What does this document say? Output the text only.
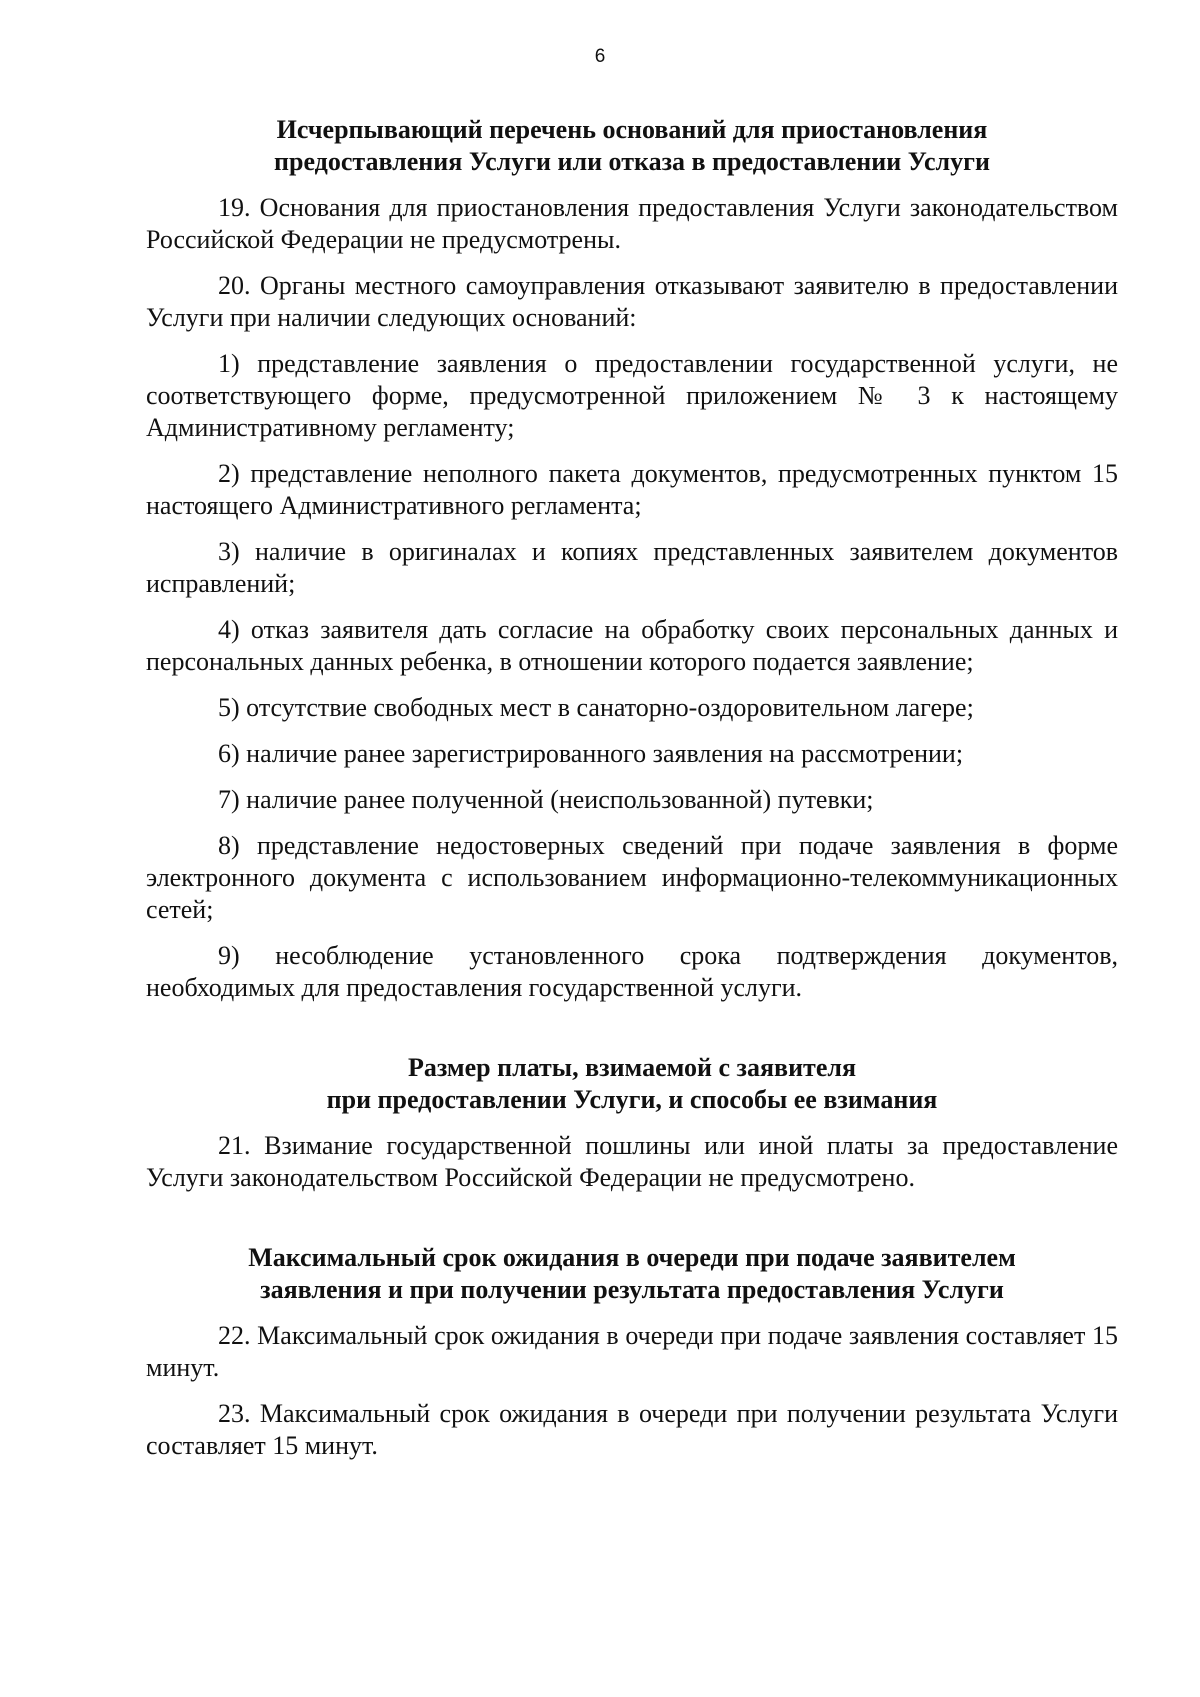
6
Исчерпывающий перечень оснований для приостановления
предоставления Услуги или отказа в предоставлении Услуги

19. Основания для приостановления предоставления Услуги законодательством Российской Федерации не предусмотрены.

20. Органы местного самоуправления отказывают заявителю в предоставлении Услуги при наличии следующих оснований:

1) представление заявления о предоставлении государственной услуги, не соответствующего форме, предусмотренной приложением № 3 к настоящему Административному регламенту;

2) представление неполного пакета документов, предусмотренных пунктом 15 настоящего Административного регламента;

3) наличие в оригиналах и копиях представленных заявителем документов исправлений;

4) отказ заявителя дать согласие на обработку своих персональных данных и персональных данных ребенка, в отношении которого подается заявление;

5) отсутствие свободных мест в санаторно-оздоровительном лагере;

6) наличие ранее зарегистрированного заявления на рассмотрении;

7) наличие ранее полученной (неиспользованной) путевки;

8) представление недостоверных сведений при подаче заявления в форме электронного документа с использованием информационно-телекоммуникационных сетей;

9) несоблюдение установленного срока подтверждения документов, необходимых для предоставления государственной услуги.

Размер платы, взимаемой с заявителя
при предоставлении Услуги, и способы ее взимания

21. Взимание государственной пошлины или иной платы за предоставление Услуги законодательством Российской Федерации не предусмотрено.

Максимальный срок ожидания в очереди при подаче заявителем
заявления и при получении результата предоставления Услуги

22. Максимальный срок ожидания в очереди при подаче заявления составляет 15 минут.

23. Максимальный срок ожидания в очереди при получении результата Услуги составляет 15 минут.
